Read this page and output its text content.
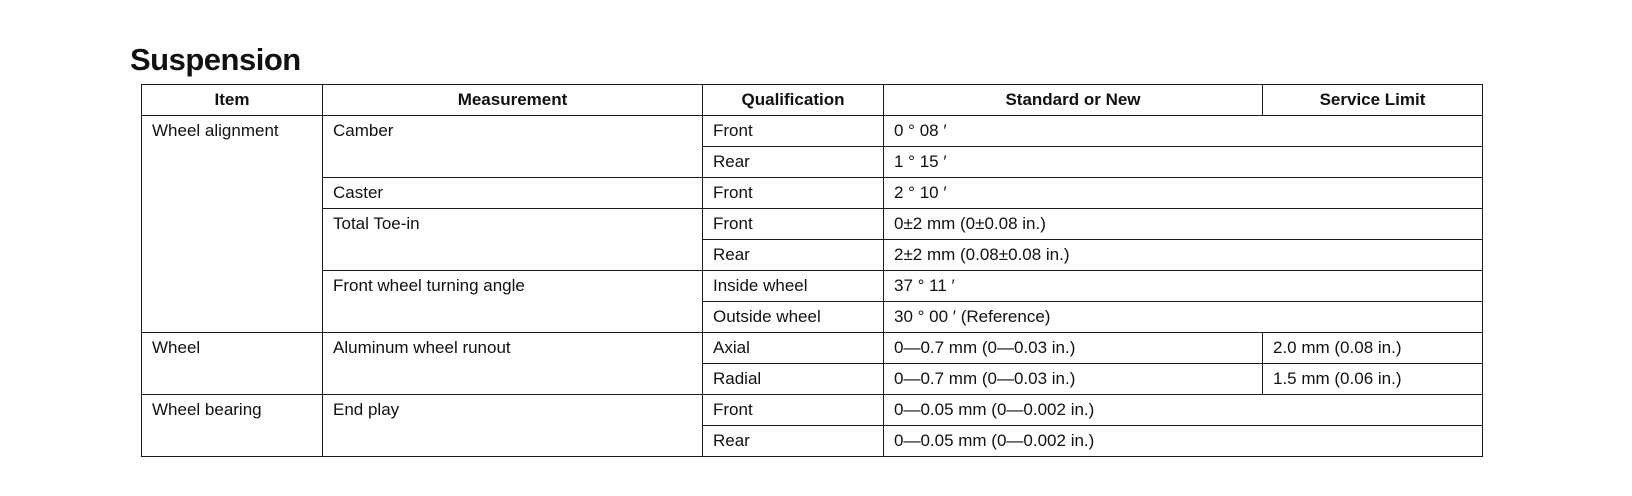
Suspension
Item	Measurement	Qualification	Standard or New	Service Limit
Wheel alignment	Camber	Front	0 ° 08 ′	
		Rear	1 ° 15 ′	
	Caster	Front	2 ° 10 ′	
	Total Toe-in	Front	0±2 mm (0±0.08 in.)	
		Rear	2±2 mm (0.08±0.08 in.)	
	Front wheel turning angle	Inside wheel	37 ° 11 ′	
		Outside wheel	30 ° 00 ′ (Reference)	
Wheel	Aluminum wheel runout	Axial	0—0.7 mm (0—0.03 in.)	2.0 mm (0.08 in.)
		Radial	0—0.7 mm (0—0.03 in.)	1.5 mm (0.06 in.)
Wheel bearing	End play	Front	0—0.05 mm (0—0.002 in.)	
		Rear	0—0.05 mm (0—0.002 in.)	
